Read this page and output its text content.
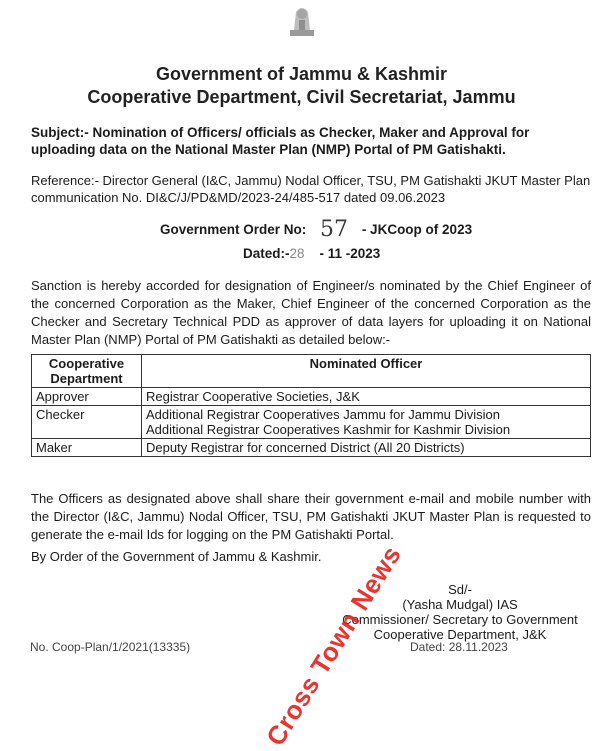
Government of Jammu & Kashmir
Cooperative Department, Civil Secretariat, Jammu
Subject:- Nomination of Officers/ officials as Checker, Maker and Approval for uploading data on the National Master Plan (NMP) Portal of PM Gatishakti.
Reference:- Director General (I&C, Jammu) Nodal Officer, TSU, PM Gatishakti JKUT Master Plan communication No. DI&C/J/PD&MD/2023-24/485-517 dated 09.06.2023
Government Order No: 57 - JKCoop of 2023
Dated:-28 - 11 -2023
Sanction is hereby accorded for designation of Engineer/s nominated by the Chief Engineer of the concerned Corporation as the Maker, Chief Engineer of the concerned Corporation as the Checker and Secretary Technical PDD as approver of data layers for uploading it on National Master Plan (NMP) Portal of PM Gatishakti as detailed below:-
Cooperative Department	Nominated Officer
Approver	Registrar Cooperative Societies, J&K
Checker	Additional Registrar Cooperatives Jammu for Jammu Division
Additional Registrar Cooperatives Kashmir for Kashmir Division

Maker	Deputy Registrar for concerned District (All 20 Districts)
The Officers as designated above shall share their government e-mail and mobile number with the Director (I&C, Jammu) Nodal Officer, TSU, PM Gatishakti JKUT Master Plan is requested to generate the e-mail Ids for logging on the PM Gatishakti Portal.
By Order of the Government of Jammu & Kashmir.
Sd/-
(Yasha Mudgal) IAS
Commissioner/ Secretary to Government
Cooperative Department, J&K
No. Coop-Plan/1/2021(13335)	Dated: 28.11.2023
Cross Town News
